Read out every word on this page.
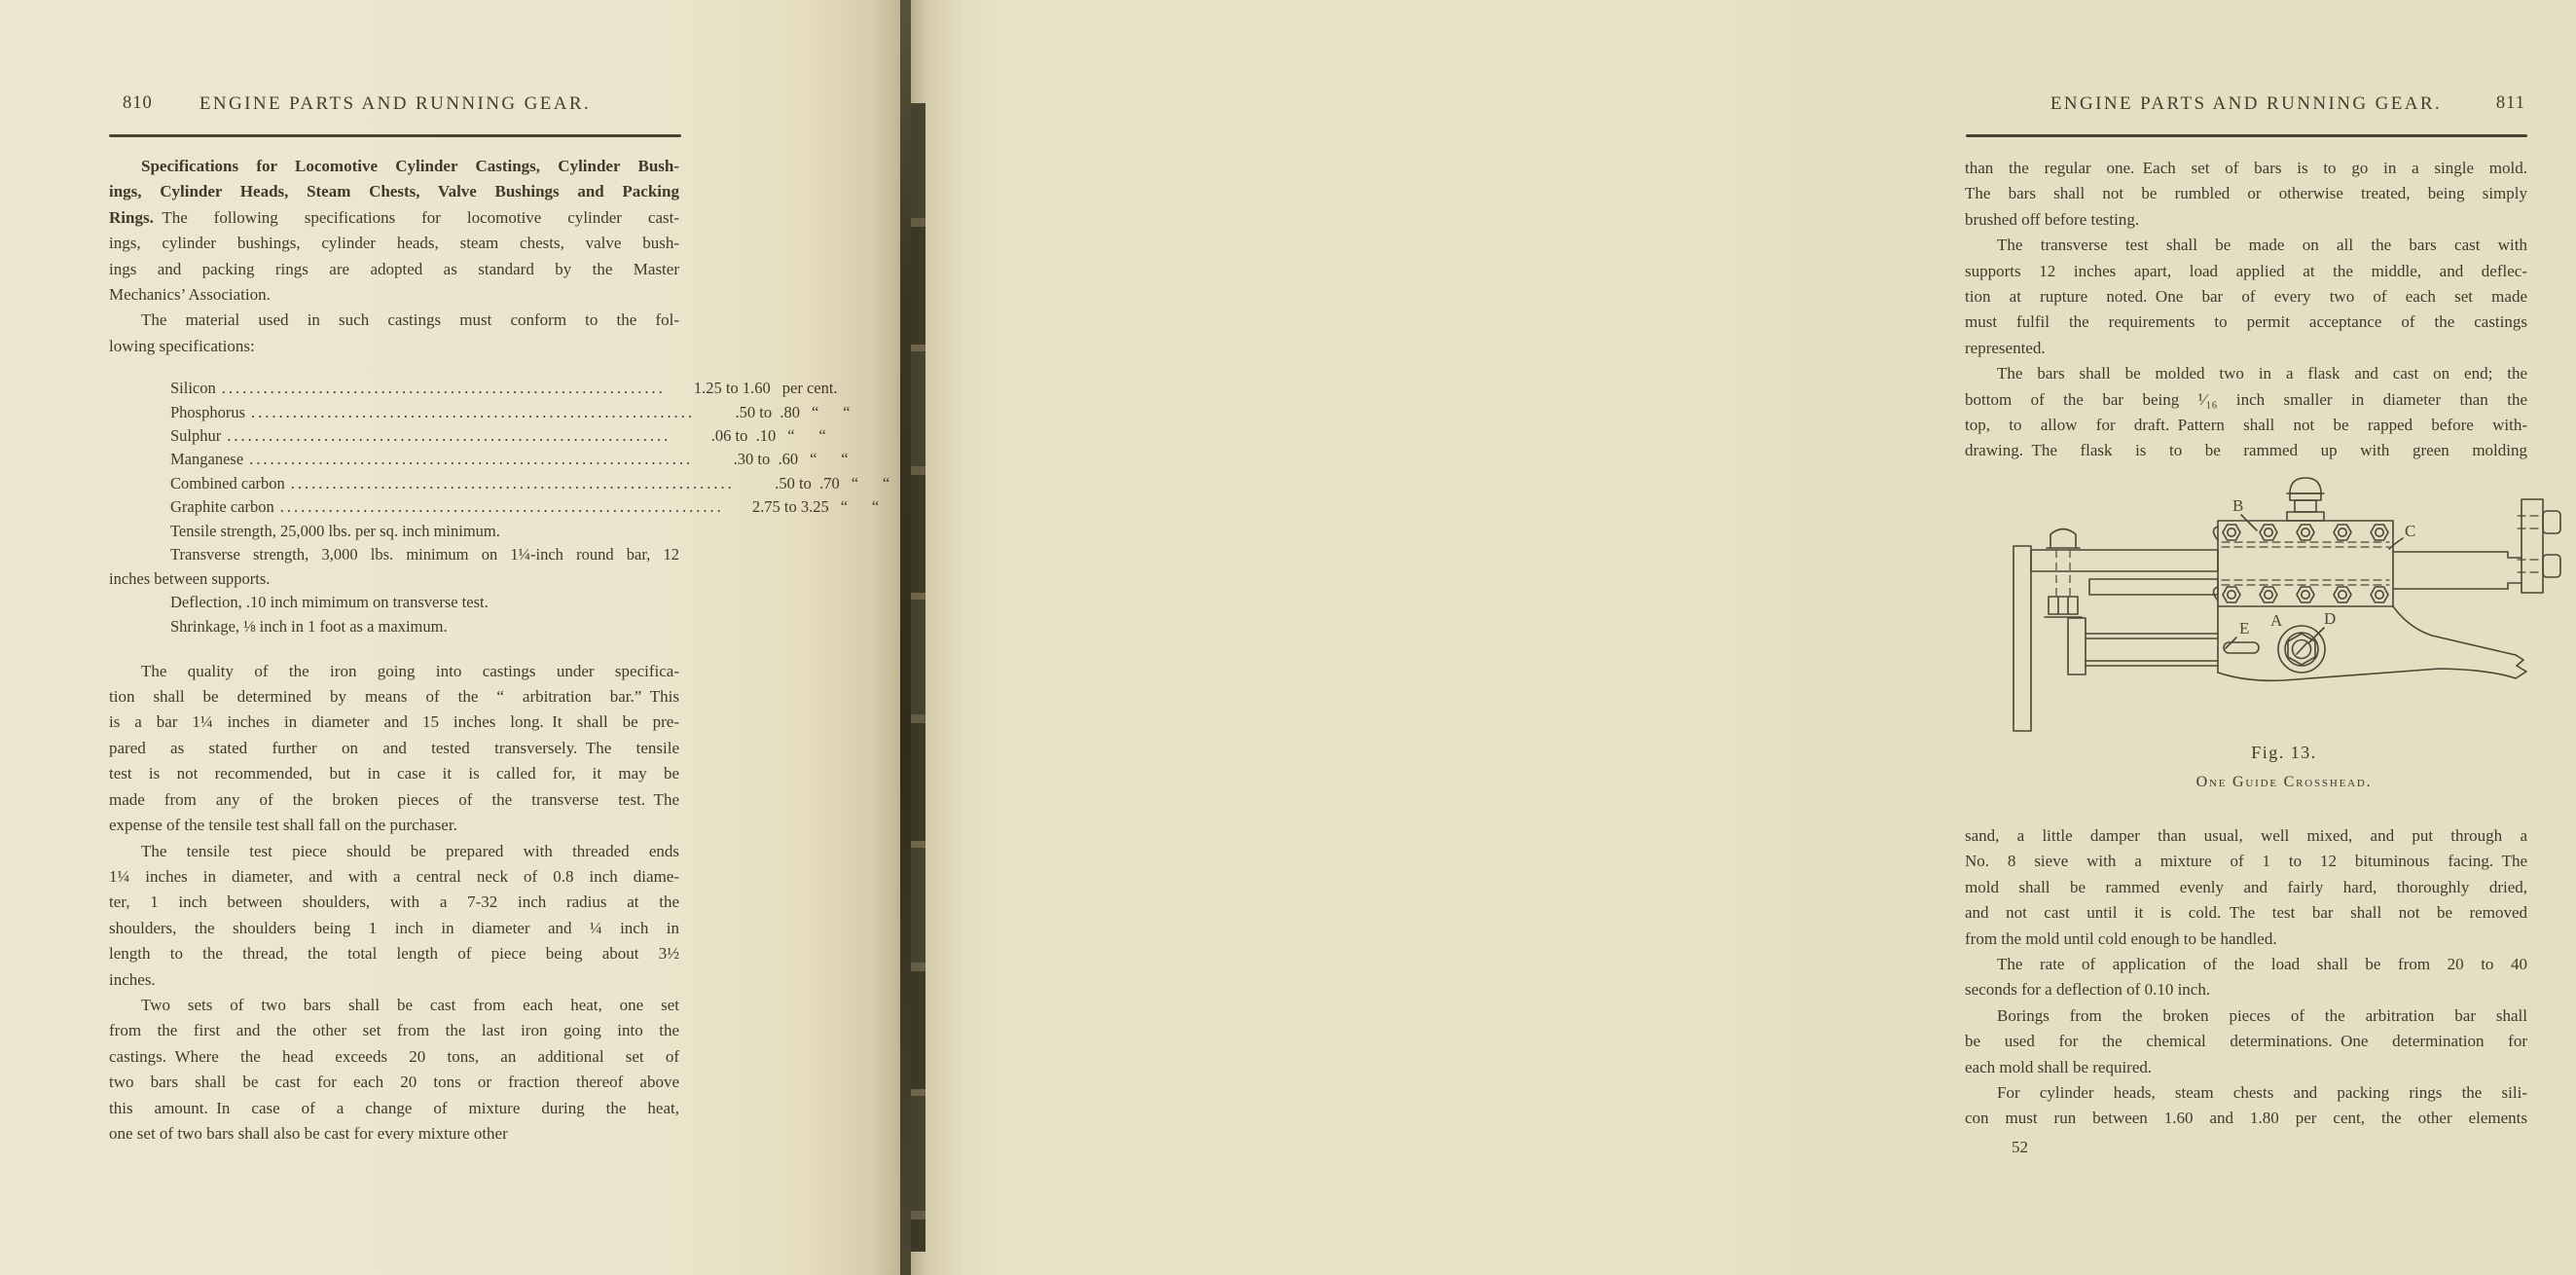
810	ENGINE PARTS AND RUNNING GEAR.
Specifications for Locomotive Cylinder Castings, Cylinder Bush-
ings, Cylinder Heads, Steam Chests, Valve Bushings and Packing
Rings. The following specifications for locomotive cylinder cast-
ings, cylinder bushings, cylinder heads, steam chests, valve bush-
ings and packing rings are adopted as standard by the Master
Mechanics’ Association.
The material used in such castings must conform to the fol-
lowing specifications:
Silicon .....	1.25 to 1.60 per cent.
Phosphorus .....	.50 to .80 “  “
Sulphur .....	.06 to .10 “  “
Manganese .....	.30 to .60 “  “
Combined carbon .....	.50 to .70 “  “
Graphite carbon .....	2.75 to 3.25 “  “
Tensile strength, 25,000 lbs. per sq. inch minimum.
Transverse strength, 3,000 lbs. minimum on 1¼-inch round bar, 12
inches between supports.
Deflection, .10 inch mimimum on transverse test.
Shrinkage, ⅛ inch in 1 foot as a maximum.
The quality of the iron going into castings under specifica-
tion shall be determined by means of the “ arbitration bar.” This
is a bar 1¼ inches in diameter and 15 inches long. It shall be pre-
pared as stated further on and tested transversely. The tensile
test is not recommended, but in case it is called for, it may be
made from any of the broken pieces of the transverse test. The
expense of the tensile test shall fall on the purchaser.
The tensile test piece should be prepared with threaded ends
1¼ inches in diameter, and with a central neck of 0.8 inch diame-
ter, 1 inch between shoulders, with a 7-32 inch radius at the
shoulders, the shoulders being 1 inch in diameter and ¼ inch in
length to the thread, the total length of piece being about 3½
inches.
Two sets of two bars shall be cast from each heat, one set
from the first and the other set from the last iron going into the
castings. Where the head exceeds 20 tons, an additional set of
two bars shall be cast for each 20 tons or fraction thereof above
this amount. In case of a change of mixture during the heat,
one set of two bars shall also be cast for every mixture other
ENGINE PARTS AND RUNNING GEAR.	811
than the regular one. Each set of bars is to go in a single mold.
The bars shall not be rumbled or otherwise treated, being simply
brushed off before testing.
The transverse test shall be made on all the bars cast with
supports 12 inches apart, load applied at the middle, and deflec-
tion at rupture noted. One bar of every two of each set made
must fulfil the requirements to permit acceptance of the castings
represented.
The bars shall be molded two in a flask and cast on end; the
bottom of the bar being ¹⁄₁₆ inch smaller in diameter than the
top, to allow for draft. Pattern shall not be rapped before with-
drawing. The flask is to be rammed up with green molding
B
C
A	D
E
Fig. 13.
One Guide Crosshead.
sand, a little damper than usual, well mixed, and put through a
No. 8 sieve with a mixture of 1 to 12 bituminous facing. The
mold shall be rammed evenly and fairly hard, thoroughly dried,
and not cast until it is cold. The test bar shall not be removed
from the mold until cold enough to be handled.
The rate of application of the load shall be from 20 to 40
seconds for a deflection of 0.10 inch.
Borings from the broken pieces of the arbitration bar shall
be used for the chemical determinations. One determination for
each mold shall be required.
For cylinder heads, steam chests and packing rings the sili-
con must run between 1.60 and 1.80 per cent, the other elements
52
